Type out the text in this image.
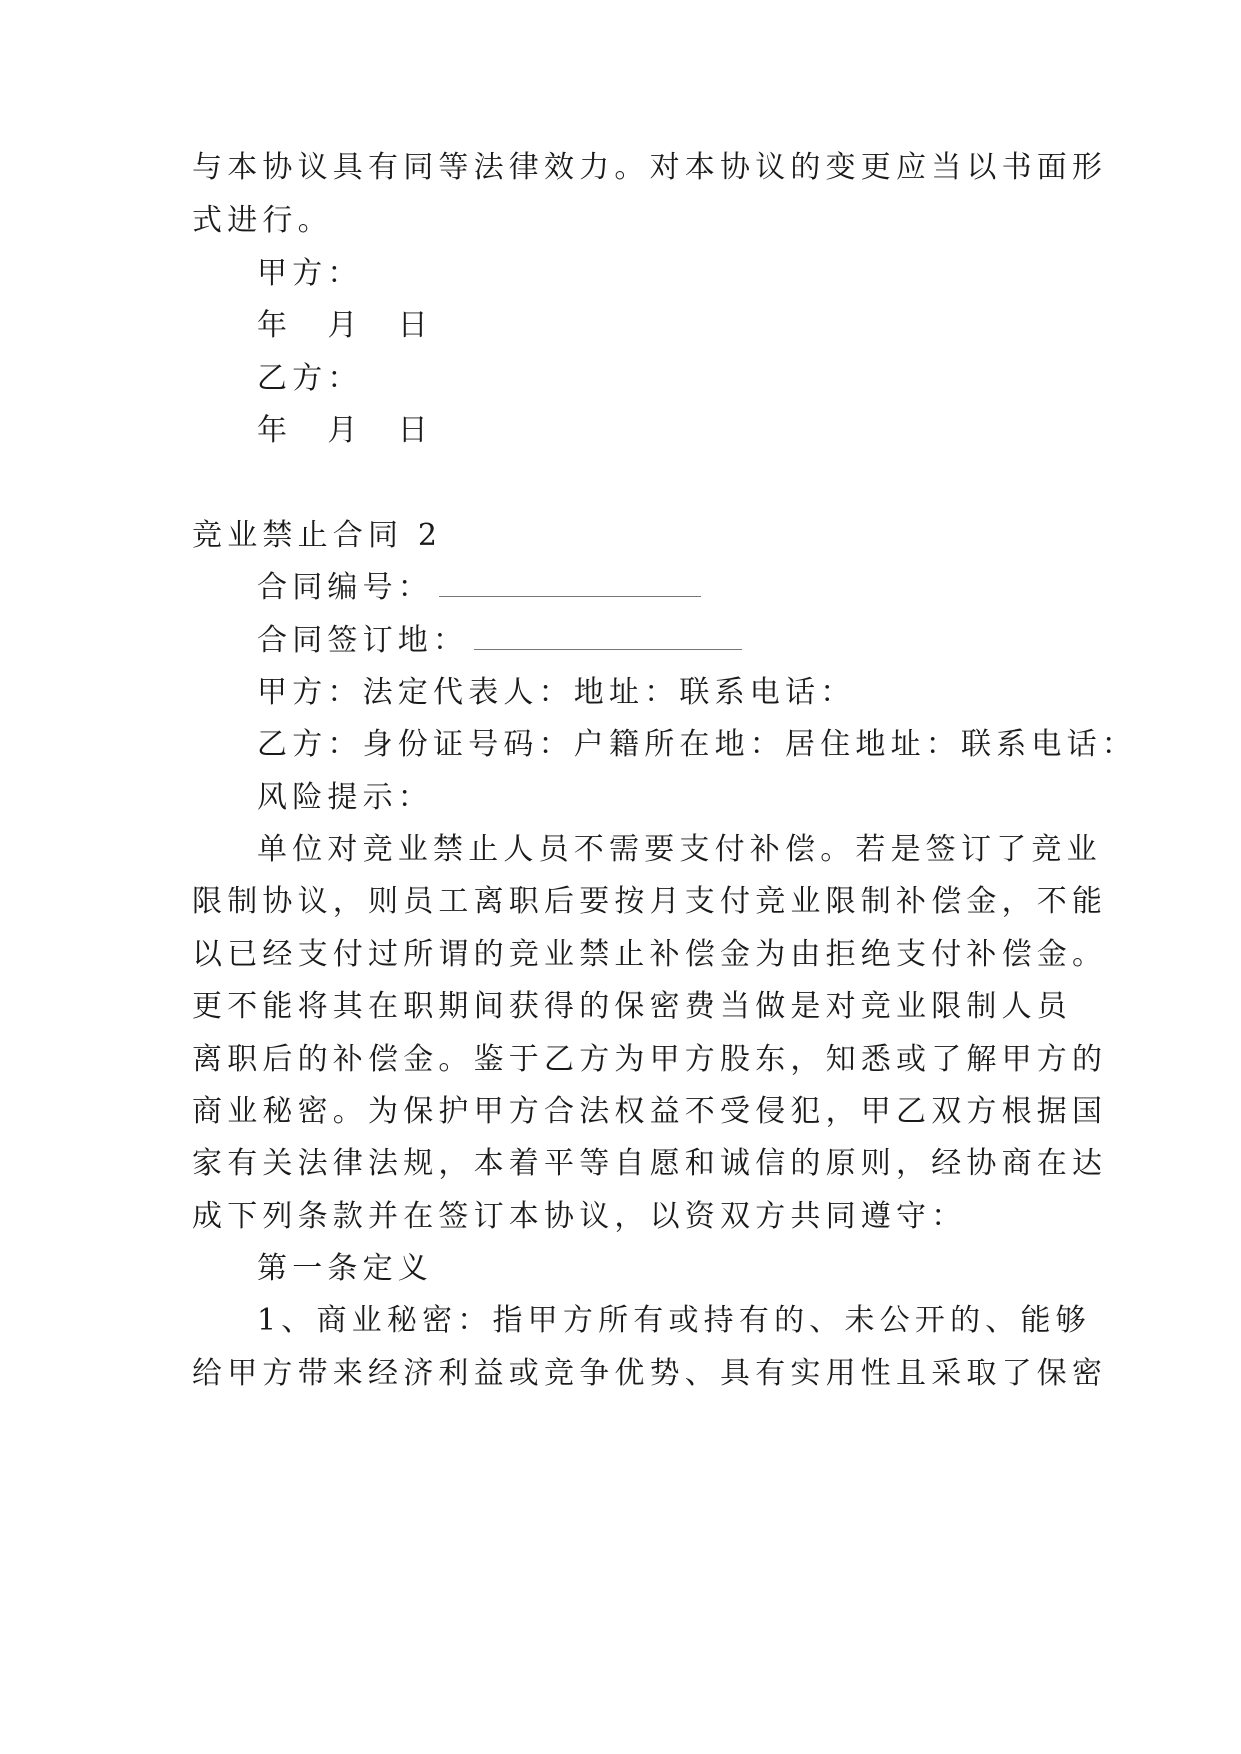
与本协议具有同等法律效力。对本协议的变更应当以书面形
式进行。
甲方：
年　月　日
乙方：
年　月　日
竞业禁止合同 2
合同编号：
合同签订地：
甲方：法定代表人：地址：联系电话：
乙方：身份证号码：户籍所在地：居住地址：联系电话：
风险提示：
单位对竞业禁止人员不需要支付补偿。若是签订了竞业
限制协议，则员工离职后要按月支付竞业限制补偿金，不能
以已经支付过所谓的竞业禁止补偿金为由拒绝支付补偿金。
更不能将其在职期间获得的保密费当做是对竞业限制人员
离职后的补偿金。鉴于乙方为甲方股东，知悉或了解甲方的
商业秘密。为保护甲方合法权益不受侵犯，甲乙双方根据国
家有关法律法规，本着平等自愿和诚信的原则，经协商在达
成下列条款并在签订本协议，以资双方共同遵守：
第一条定义
1、商业秘密：指甲方所有或持有的、未公开的、能够
给甲方带来经济利益或竞争优势、具有实用性且采取了保密
